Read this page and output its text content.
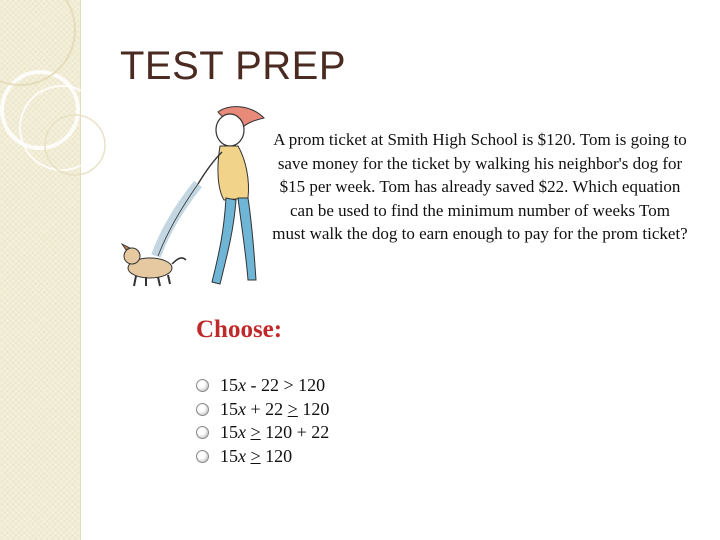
TEST PREP
A prom ticket at Smith High School is $120. Tom is going to save money for the ticket by walking his neighbor's dog for $15 per week. Tom has already saved $22. Which equation can be used to find the minimum number of weeks Tom must walk the dog to earn enough to pay for the prom ticket?
Choose:
15x - 22 > 120
15x + 22 > 120
15x > 120 + 22
15x > 120
